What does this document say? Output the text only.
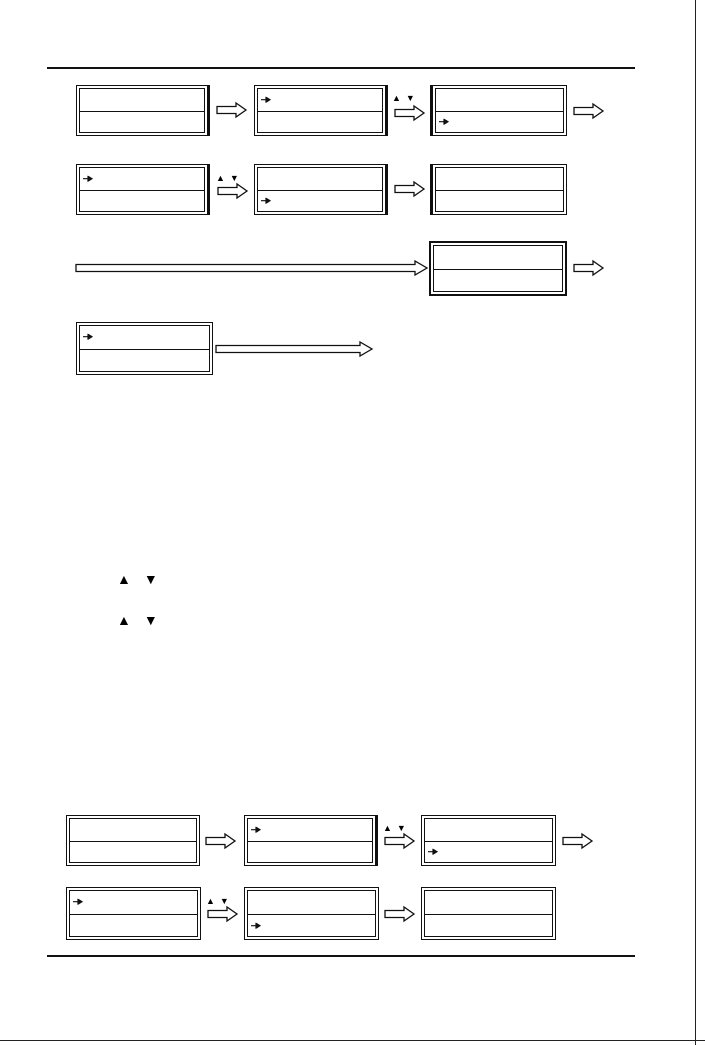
▲▼
▲▼
▲ ▼
▲ ▼
▲▼
▲▼
